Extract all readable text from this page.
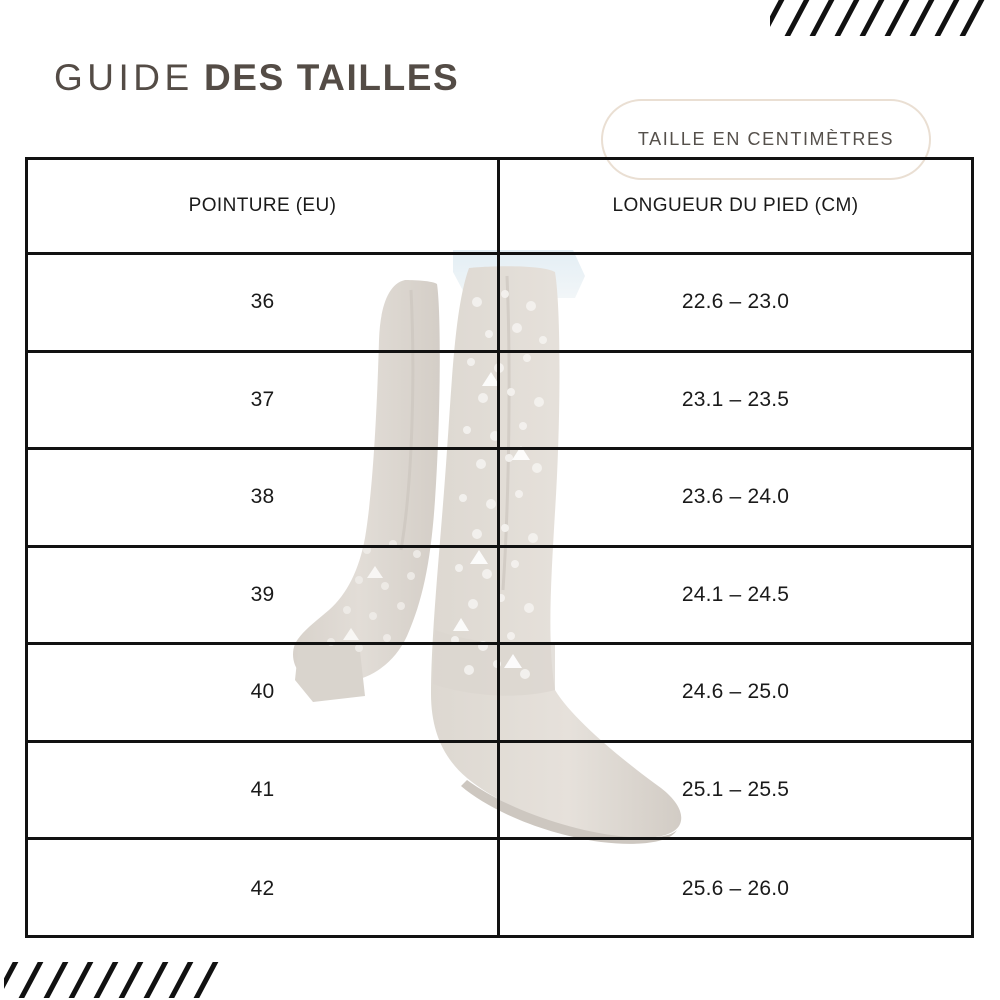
GUIDE DES TAILLES
TAILLE EN CENTIMÈTRES
POINTURE (EU)	LONGUEUR DU PIED (CM)
36	22.6 – 23.0
37	23.1 – 23.5
38	23.6 – 24.0
39	24.1 – 24.5
40	24.6 – 25.0
41	25.1 – 25.5
42	25.6 – 26.0
